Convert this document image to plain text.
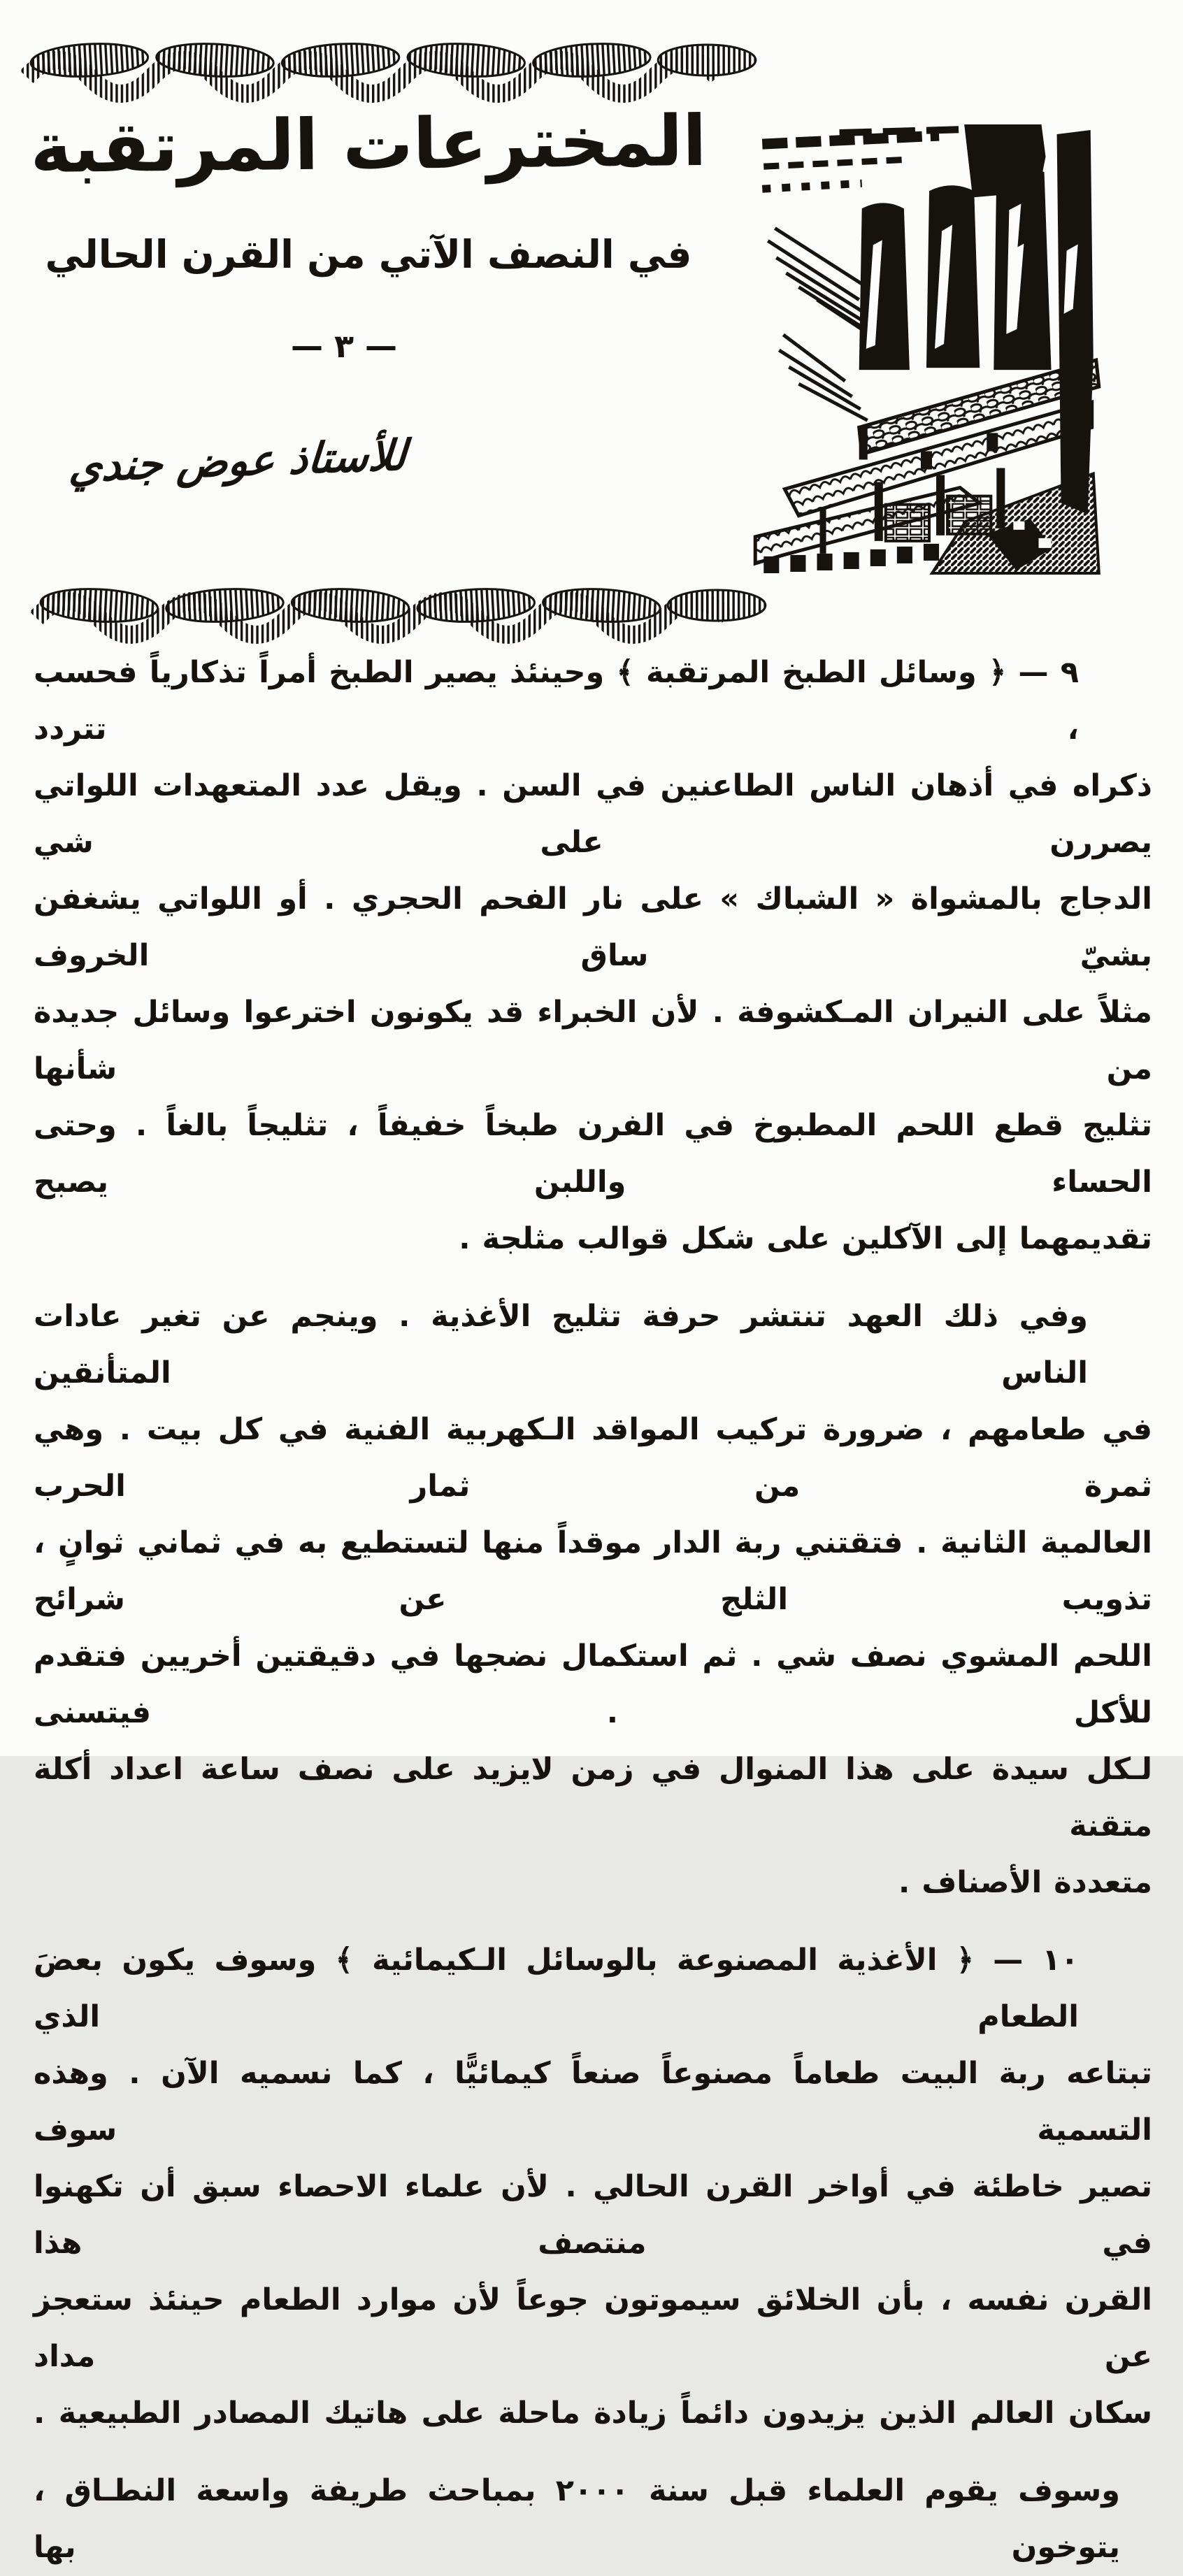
المخترعات المرتقبة
في النصف الآتي من القرن الحالي
— ٣ —
للأستاذ عوض جندي
٩ — ﴿ وسائل الطبخ المرتقبة ﴾ وحينئذ يصير الطبخ أمراً تذكارياً فحسب ، تتردد
ذكراه في أذهان الناس الطاعنين في السن . ويقل عدد المتعهدات اللواتي يصررن على شي
الدجاج بالمشواة « الشباك » على نار الفحم الحجري . أو اللواتي يشغفن بشيّ ساق الخروف
مثلاً على النيران المـكشوفة . لأن الخبراء قد يكونون اخترعوا وسائل جديدة من شأنها
تثليج قطع اللحم المطبوخ في الفرن طبخاً خفيفاً ، تثليجاً بالغاً . وحتى الحساء واللبن يصبح
تقديمهما إلى الآكلين على شكل قوالب مثلجة .
وفي ذلك العهد تنتشر حرفة تثليج الأغذية . وينجم عن تغير عادات الناس المتأنقين
في طعامهم ، ضرورة تركيب المواقد الـكهربية الفنية في كل بيت . وهي ثمرة من ثمار الحرب
العالمية الثانية . فتقتني ربة الدار موقداً منها لتستطيع به في ثماني ثوانٍ ، تذويب الثلج عن شرائح
اللحم المشوي نصف شي . ثم استكمال نضجها في دقيقتين أخريين فتقدم للأكل . فيتسنى
لـكل سيدة على هذا المنوال في زمن لايزيد على نصف ساعة اعداد أكلة متقنة
متعددة الأصناف .
١٠ — ﴿ الأغذية المصنوعة بالوسائل الـكيمائية ﴾ وسوف يكون بعضَ الطعام الذي
تبتاعه ربة البيت طعاماً مصنوعاً صنعاً كيمائيًّا ، كما نسميه الآن . وهذه التسمية سوف
تصير خاطئة في أواخر القرن الحالي . لأن علماء الاحصاء سبق أن تكهنوا في منتصف هذا
القرن نفسه ، بأن الخلائق سيموتون جوعاً لأن موارد الطعام حينئذ ستعجز عن مداد
سكان العالم الذين يزيدون دائماً زيادة ماحلة على هاتيك المصادر الطبيعية .
وسوف يقوم العلماء قبل سنة ٢٠٠٠ بمباحث طريفة واسعة النطـاق ، يتوخون بها
